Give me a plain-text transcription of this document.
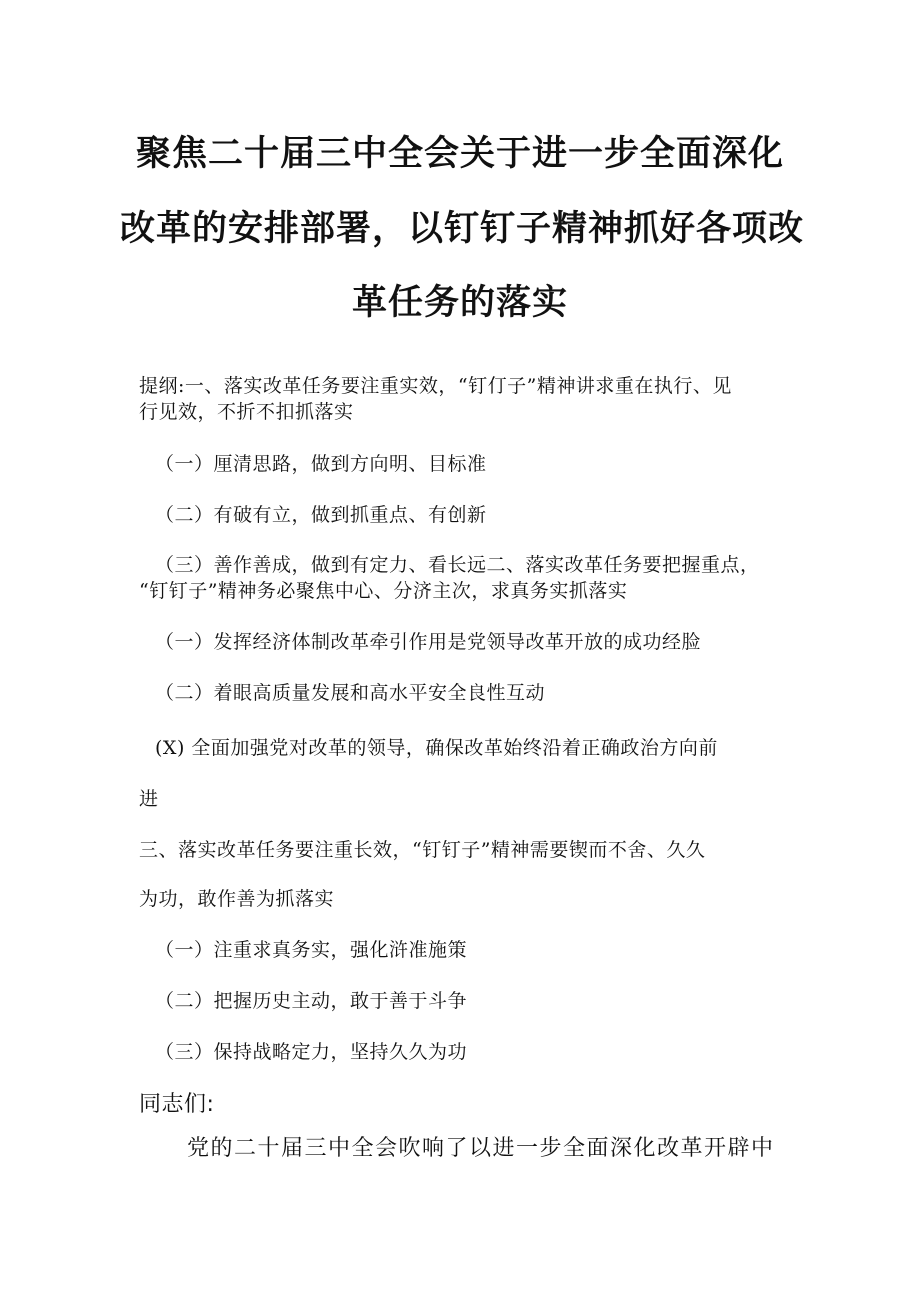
聚焦二十届三中全会关于进一步全面深化
改革的安排部署，以钉钉子精神抓好各项改
革任务的落实
提纲:一、落实改革任务要注重实效，“钉仃子”精神讲求重在执行、见
行见效，不折不扣抓落实
（一）厘清思路，做到方向明、目标准
（二）有破有立，做到抓重点、有创新
（三）善作善成，做到有定力、看长远二、落实改革任务要把握重点，
“钉钉子”精神务必聚焦中心、分济主次，求真务实抓落实
（一）发挥经济体制改革牵引作用是党领导改革开放的成功经脸
（二）着眼高质量发展和高水平安全良性互动
(X) 全面加强党对改革的领导，确保改革始终沿着正确政治方向前
进
三、落实改革任务要注重长效，“钉钉子”精神需要锲而不舍、久久
为功，敢作善为抓落实
（一）注重求真务实，强化浒准施策
（二）把握历史主动，敢于善于斗争
（三）保持战略定力，坚持久久为功
同志们:
党的二十届三中全会吹响了以进一步全面深化改革开辟中
